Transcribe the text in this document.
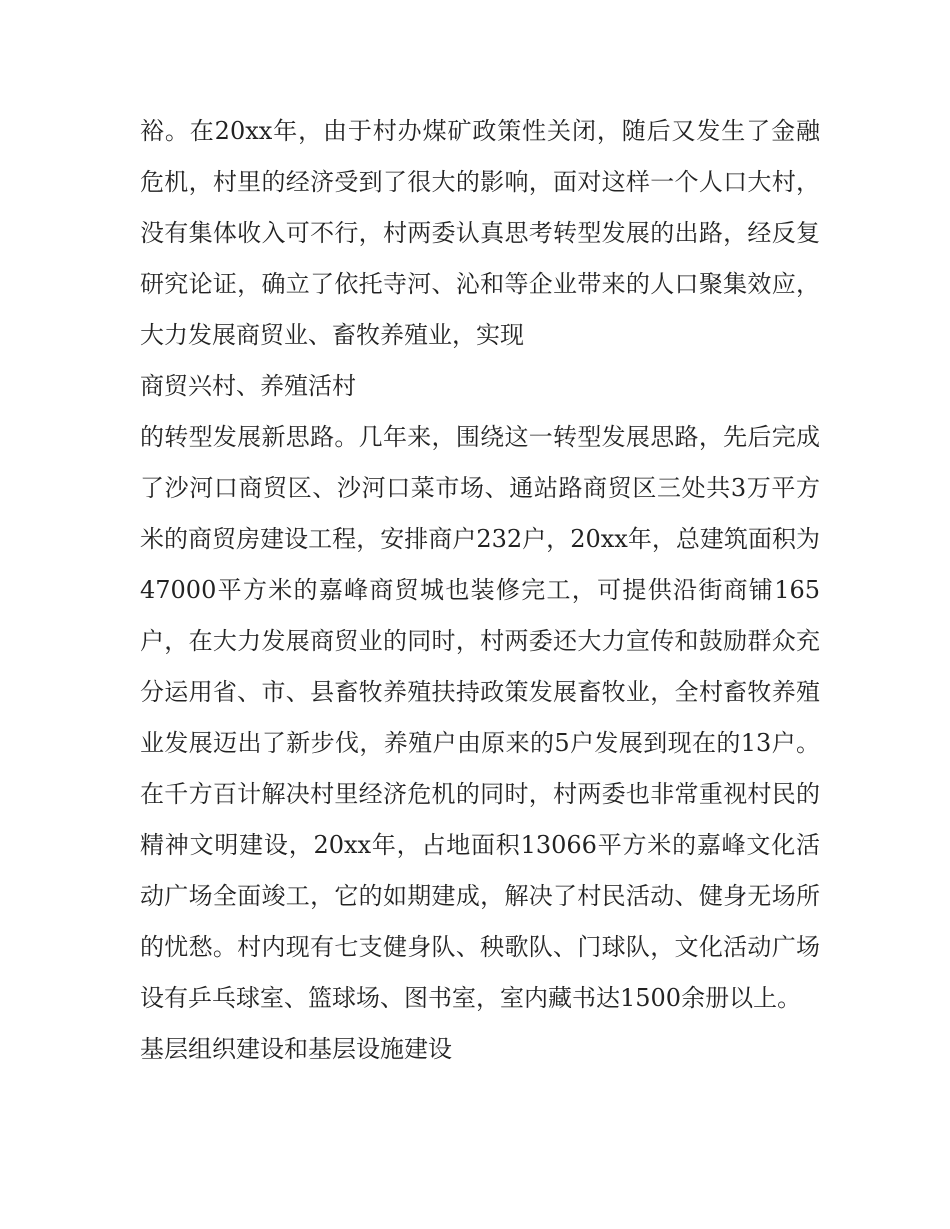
裕。在20xx年，由于村办煤矿政策性关闭，随后又发生了金融危机，村里的经济受到了很大的影响，面对这样一个人口大村，没有集体收入可不行，村两委认真思考转型发展的出路，经反复研究论证，确立了依托寺河、沁和等企业带来的人口聚集效应，大力发展商贸业、畜牧养殖业，实现

商贸兴村、养殖活村

的转型发展新思路。几年来，围绕这一转型发展思路，先后完成了沙河口商贸区、沙河口菜市场、通站路商贸区三处共3万平方米的商贸房建设工程，安排商户232户，20xx年，总建筑面积为47000平方米的嘉峰商贸城也装修完工，可提供沿街商铺165户，在大力发展商贸业的同时，村两委还大力宣传和鼓励群众充分运用省、市、县畜牧养殖扶持政策发展畜牧业，全村畜牧养殖业发展迈出了新步伐，养殖户由原来的5户发展到现在的13户。在千方百计解决村里经济危机的同时，村两委也非常重视村民的精神文明建设，20xx年，占地面积13066平方米的嘉峰文化活动广场全面竣工，它的如期建成，解决了村民活动、健身无场所的忧愁。村内现有七支健身队、秧歌队、门球队，文化活动广场设有乒乓球室、篮球场、图书室，室内藏书达1500余册以上。

基层组织建设和基层设施建设
